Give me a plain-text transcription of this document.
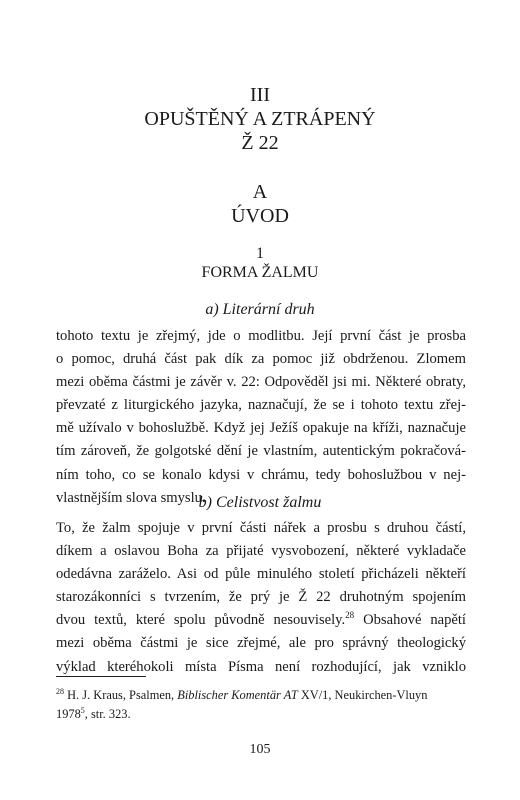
III
OPUŠTĚNÝ A ZTRÁPENÝ
Ž 22
A
ÚVOD
1
FORMA ŽALMU
a) Literární druh
tohoto textu je zřejmý, jde o modlitbu. Její první část je prosba
o pomoc, druhá část pak dík za pomoc již obdrženou. Zlomem
mezi oběma částmi je závěr v. 22: Odpověděl jsi mi. Některé obraty,
převzaté z liturgického jazyka, naznačují, že se i tohoto textu zřej-
mě užívalo v bohoslužbě. Když jej Ježíš opakuje na kříži, naznačuje
tím zároveň, že golgotské dění je vlastním, autentickým pokračová-
ním toho, co se konalo kdysi v chrámu, tedy bohoslužbou v nej-
vlastnějším slova smyslu.
b) Celistvost žalmu
To, že žalm spojuje v první části nářek a prosbu s druhou částí,
díkem a oslavou Boha za přijaté vysvobození, některé vykladače
odedávna zaráželo. Asi od půle minulého století přicházeli někteří
starozákonníci s tvrzením, že prý je Ž 22 druhotným spojením
dvou textů, které spolu původně nesouvisely.$^{28}$ Obsahové napětí
mezi oběma částmi je sice zřejmé, ale pro správný theologický
výklad kteréhokoli místa Písma není rozhodující, jak vzniklo
$^{28}$ H. J. Kraus, Psalmen, Biblischer Komentär AT XV/1, Neukirchen-Vluyn
1978$^5$, str. 323.
105
